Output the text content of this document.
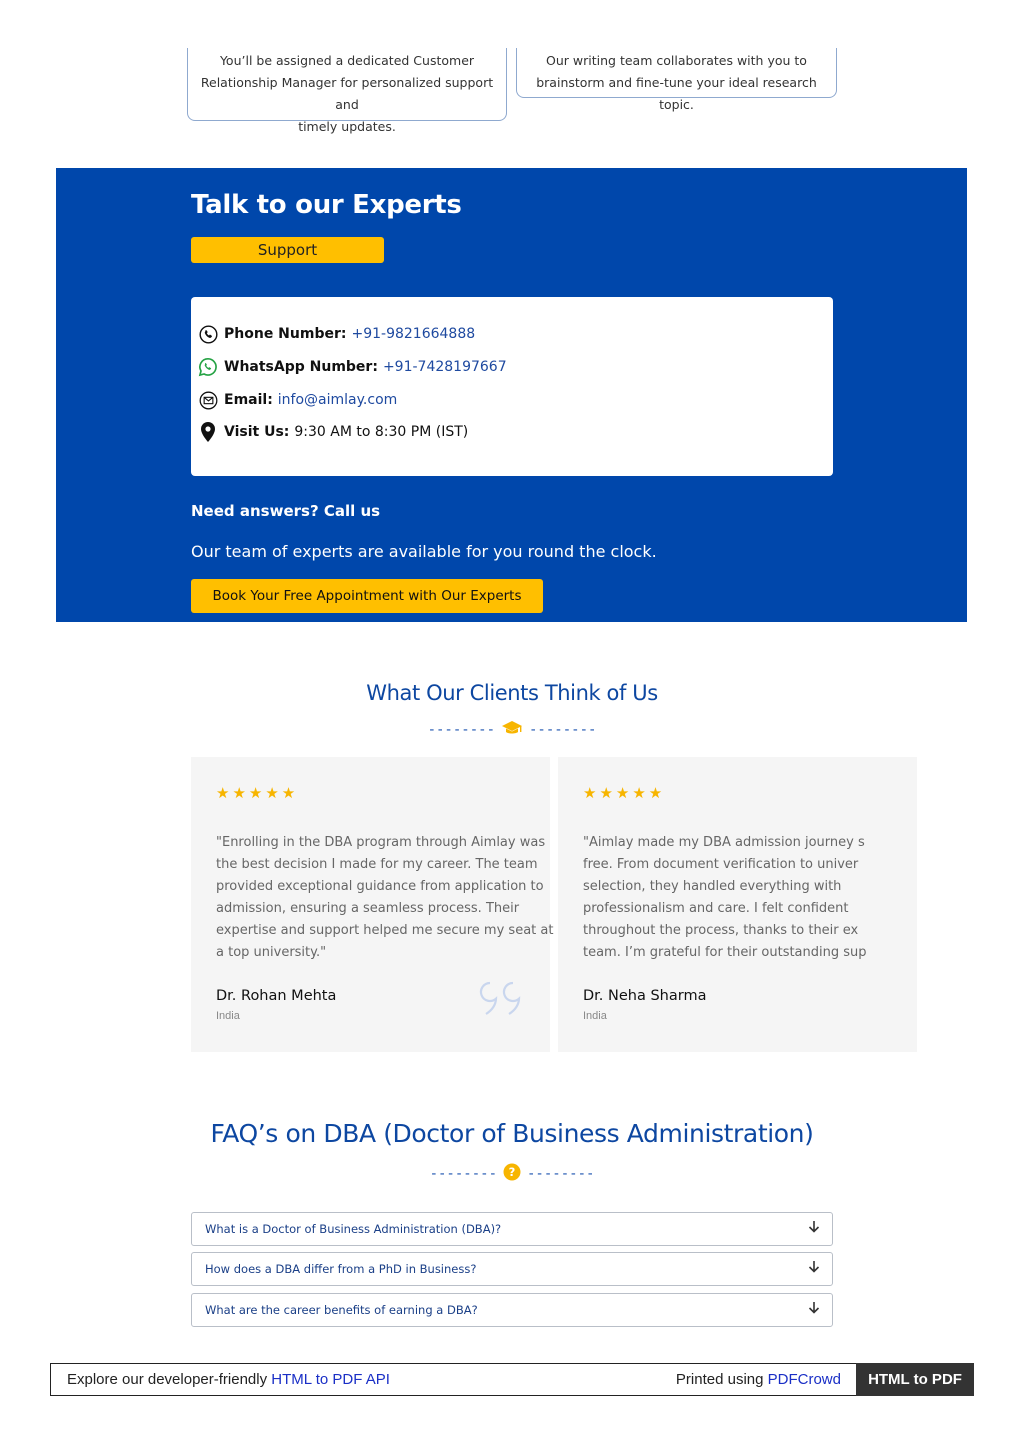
You’ll be assigned a dedicated Customer

Relationship Manager for personalized support and

timely updates.

Our writing team collaborates with you to

brainstorm and fine-tune your ideal research topic.

Talk to our Experts
Support
Phone Number: +91-9821664888
WhatsApp Number: +91-7428197667
Email: info@aimlay.com
Visit Us: 9:30 AM to 8:30 PM (IST)
Need answers? Call us
Our team of experts are available for you round the clock.
Book Your Free Appointment with Our Experts
What Our Clients Think of Us
-------- --------
★★★★★
"Enrolling in the DBA program through Aimlay was
the best decision I made for my career. The team
provided exceptional guidance from application to
admission, ensuring a seamless process. Their
expertise and support helped me secure my seat at
a top university."
Dr. Rohan Mehta
India
★★★★★
"Aimlay made my DBA admission journey s
free. From document verification to univer
selection, they handled everything with
professionalism and care. I felt confident
throughout the process, thanks to their ex
team. I’m grateful for their outstanding sup
Dr. Neha Sharma
India
FAQ’s on DBA (Doctor of Business Administration)
-------- ? --------
What is a Doctor of Business Administration (DBA)?
How does a DBA differ from a PhD in Business?
What are the career benefits of earning a DBA?
Explore our developer-friendly HTML to PDF API	Printed using PDFCrowd	HTML to PDF
